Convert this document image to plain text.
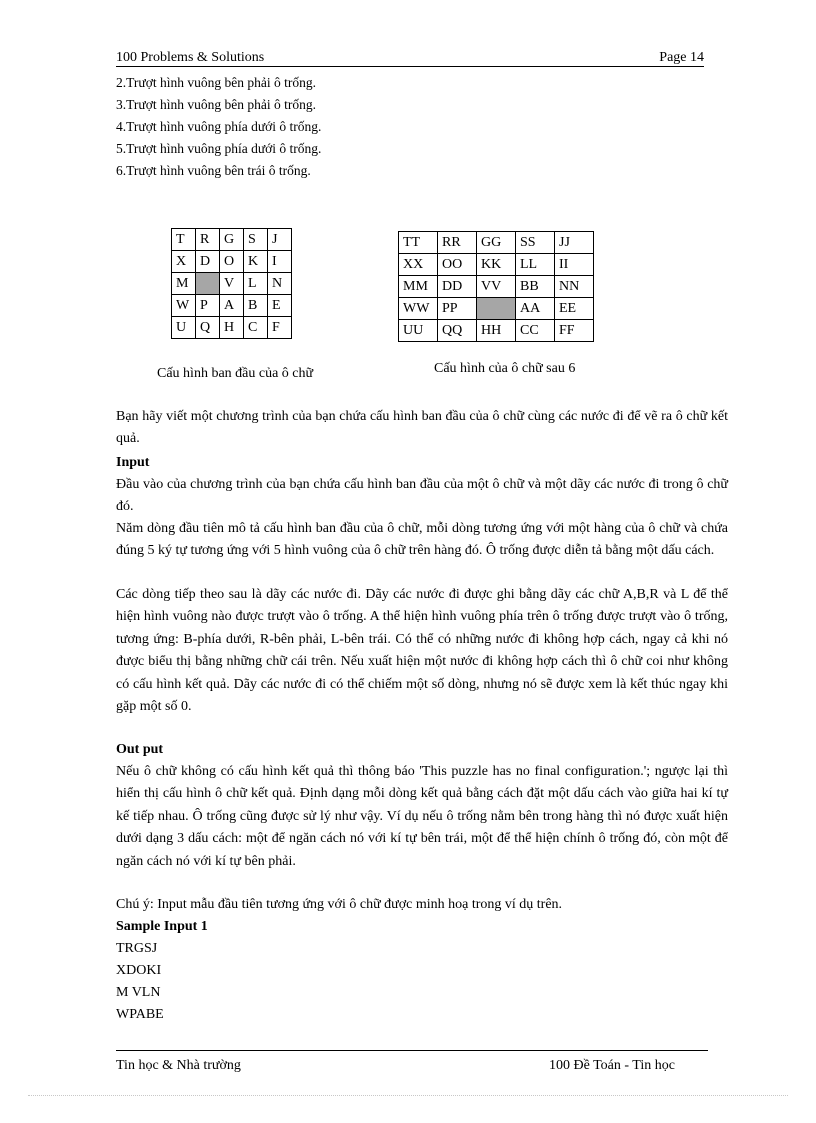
100 Problems & Solutions	Page 14
2.Trượt hình vuông bên phải ô trống.
3.Trượt hình vuông bên phải ô trống.
4.Trượt hình vuông phía dưới ô trống.
5.Trượt hình vuông phía dưới ô trống.
6.Trượt hình vuông bên trái ô trống.
T	R	G	S	J
X	D	O	K	I
M		V	L	N
W	P	A	B	E
U	Q	H	C	F
TT	RR	GG	SS	JJ
XX	OO	KK	LL	II
MM	DD	VV	BB	NN
WW	PP		AA	EE
UU	QQ	HH	CC	FF
Cấu hình ban đầu của ô chữ	Cấu hình của ô chữ sau 6
Bạn hãy viết một chương trình của bạn chứa cấu hình ban đầu của ô chữ cùng các nước đi để vẽ ra ô chữ kết quả.
Input
Đầu vào của chương trình của bạn chứa cấu hình ban đầu của một ô chữ và một dãy các nước đi trong ô chữ đó.
Năm dòng đầu tiên mô tả cấu hình ban đầu của ô chữ, mỗi dòng tương ứng với một hàng của ô chữ và chứa đúng 5 ký tự tương ứng với 5 hình vuông của ô chữ trên hàng đó. Ô trống được diễn tả bằng một dấu cách.
Các dòng tiếp theo sau là dãy các nước đi. Dãy các nước đi được ghi bằng dãy các chữ A,B,R và L để thể hiện hình vuông nào được trượt vào ô trống. A thể hiện hình vuông phía trên ô trống được trượt vào ô trống, tương ứng: B-phía dưới, R-bên phải, L-bên trái. Có thể có những nước đi không hợp cách, ngay cả khi nó được biểu thị bằng những chữ cái trên. Nếu xuất hiện một nước đi không hợp cách thì ô chữ coi như không có cấu hình kết quả. Dãy các nước đi có thể chiếm một số dòng, nhưng nó sẽ được xem là kết thúc ngay khi gặp một số 0.
Out put
Nếu ô chữ không có cấu hình kết quả thì thông báo 'This puzzle has no final configuration.'; ngược lại thì hiển thị cấu hình ô chữ kết quả. Định dạng mỗi dòng kết quả bằng cách đặt một dấu cách vào giữa hai kí tự kế tiếp nhau. Ô trống cũng được sử lý như vậy. Ví dụ nếu ô trống nằm bên trong hàng thì nó được xuất hiện dưới dạng 3 dấu cách: một để ngăn cách nó với kí tự bên trái, một để thể hiện chính ô trống đó, còn một để ngăn cách nó với kí tự bên phải.
Chú ý: Input mẫu đầu tiên tương ứng với ô chữ được minh hoạ trong ví dụ trên.
Sample Input 1
TRGSJ
XDOKI
M VLN
WPABE
Tin học & Nhà trường	100 Đề Toán - Tin học
